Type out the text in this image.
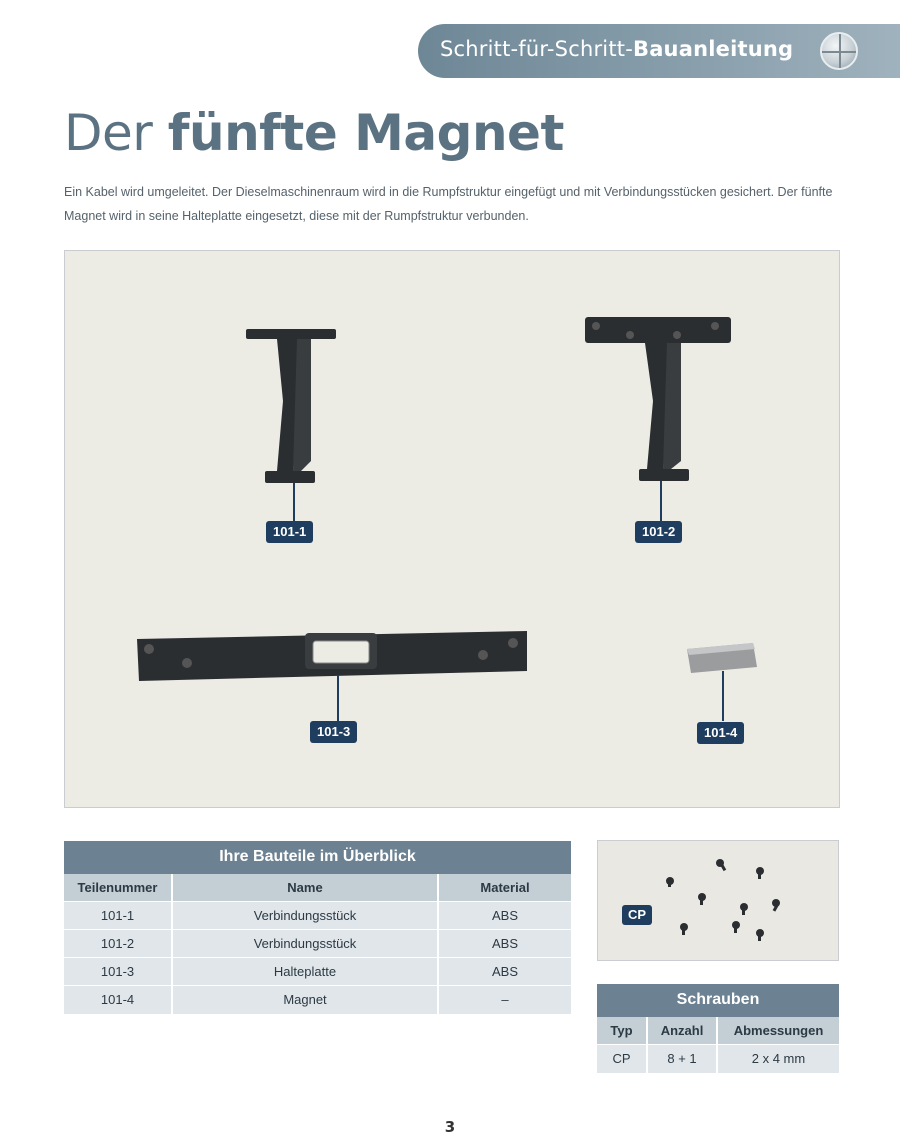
Schritt-für-Schritt-Bauanleitung
Der fünfte Magnet

Ein Kabel wird umgeleitet. Der Dieselmaschinenraum wird in die Rumpfstruktur eingefügt und mit Verbindungsstücken gesichert. Der fünfte Magnet wird in seine Halteplatte eingesetzt, diese mit der Rumpfstruktur verbunden.

101-1	101-2
101-3	101-4
Ihre Bauteile im Überblick		
Teilenummer	Name	Material
101-1	Verbindungsstück	ABS
101-2	Verbindungsstück	ABS
101-3	Halteplatte	ABS
101-4	Magnet	–
CP
Schrauben		
Typ	Anzahl	Abmessungen
CP	8 + 1	2 x 4 mm
3
